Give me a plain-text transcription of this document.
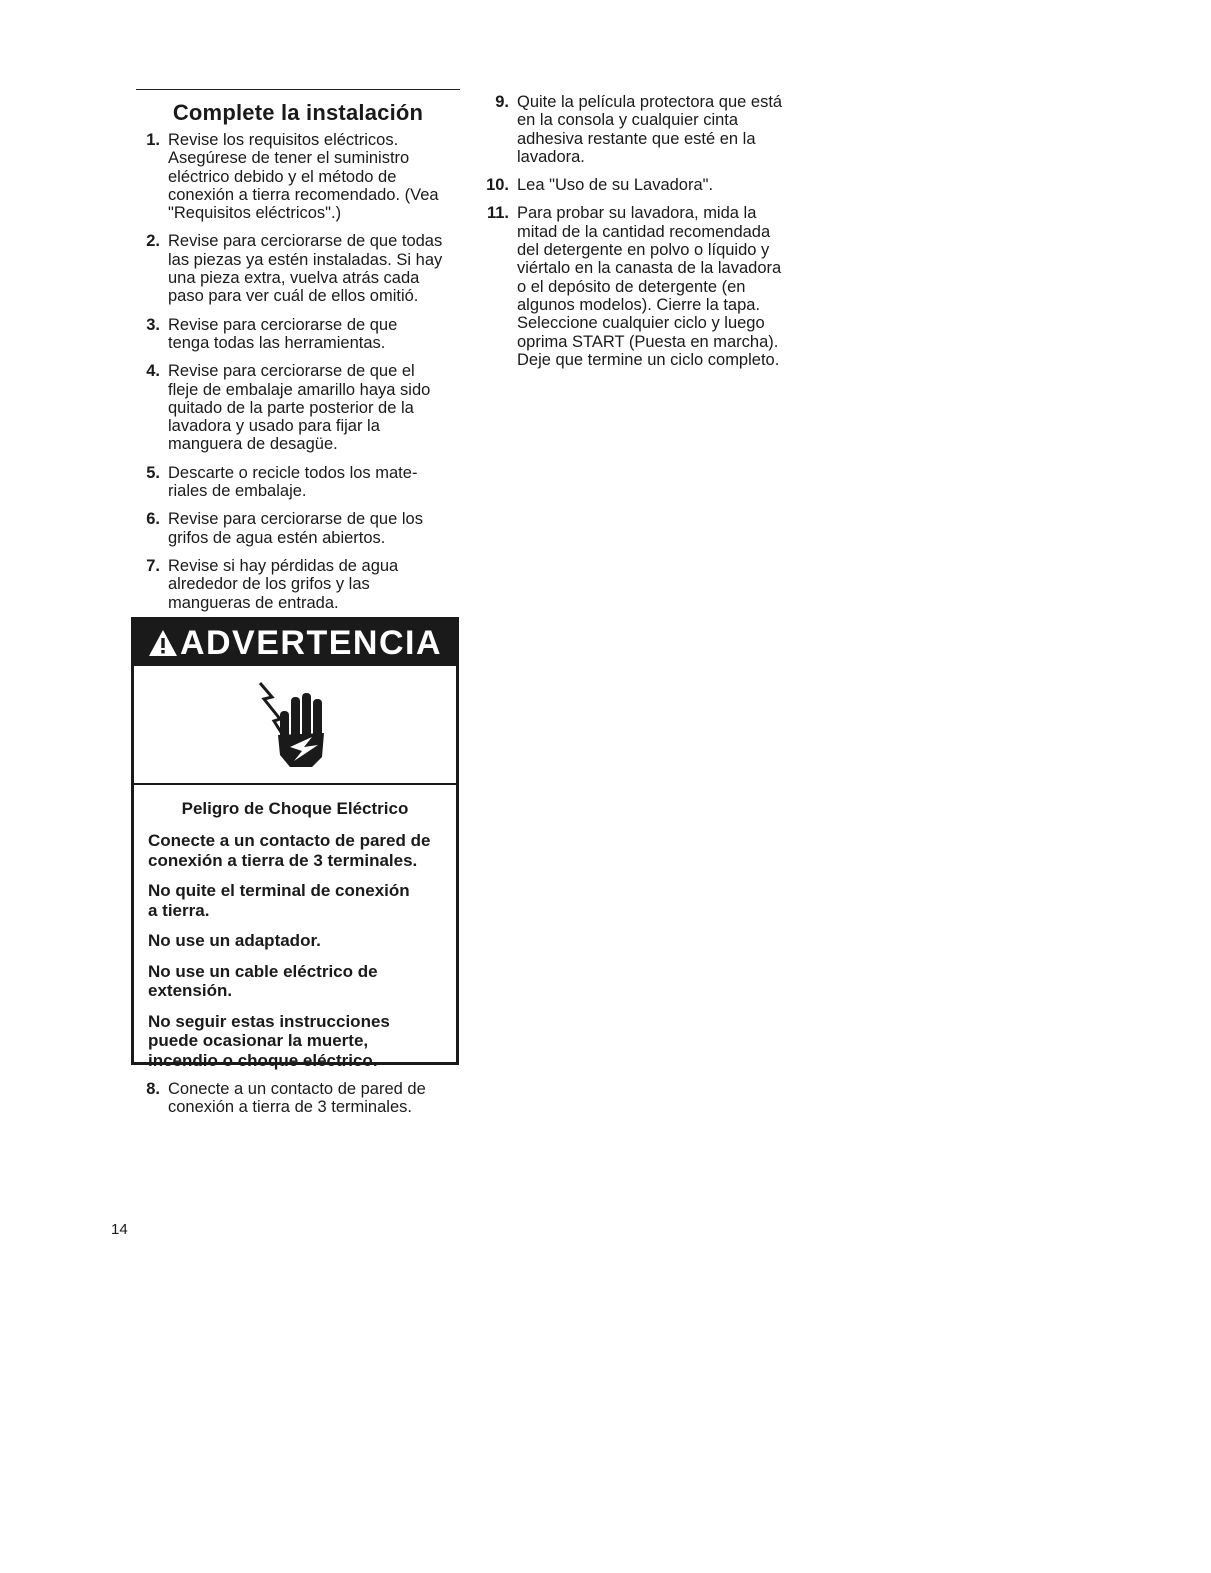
Complete la instalación
1. Revise los requisitos eléctricos.
Asegúrese de tener el suministro
eléctrico debido y el método de
conexión a tierra recomendado. (Vea
"Requisitos eléctricos".)
2. Revise para cerciorarse de que todas
las piezas ya estén instaladas. Si hay
una pieza extra, vuelva atrás cada
paso para ver cuál de ellos omitió.
3. Revise para cerciorarse de que
tenga todas las herramientas.
4. Revise para cerciorarse de que el
fleje de embalaje amarillo haya sido
quitado de la parte posterior de la
lavadora y usado para fijar la
manguera de desagüe.
5. Descarte o recicle todos los mate-
riales de embalaje.
6. Revise para cerciorarse de que los
grifos de agua estén abiertos.
7. Revise si hay pérdidas de agua
alrededor de los grifos y las
mangueras de entrada.
ADVERTENCIA

Peligro de Choque Eléctrico

Conecte a un contacto de pared de
conexión a tierra de 3 terminales.

No quite el terminal de conexión
a tierra.

No use un adaptador.

No use un cable eléctrico de
extensión.

No seguir estas instrucciones
puede ocasionar la muerte,
incendio o choque eléctrico.

8. Conecte a un contacto de pared de
conexión a tierra de 3 terminales.
9. Quite la película protectora que está
en la consola y cualquier cinta
adhesiva restante que esté en la
lavadora.
10. Lea "Uso de su Lavadora".
11. Para probar su lavadora, mida la
mitad de la cantidad recomendada
del detergente en polvo o líquido y
viértalo en la canasta de la lavadora
o el depósito de detergente (en
algunos modelos). Cierre la tapa.
Seleccione cualquier ciclo y luego
oprima START (Puesta en marcha).
Deje que termine un ciclo completo.
14
